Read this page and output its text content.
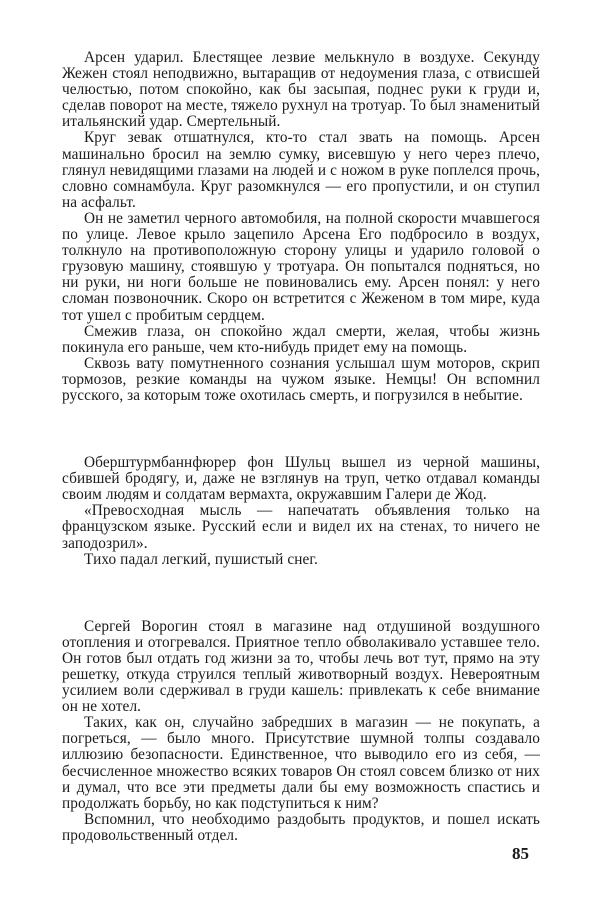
Арсен ударил. Блестящее лезвие мелькнуло в воздухе. Секунду Жежен стоял неподвижно, вытаращив от недоумения глаза, с отвисшей челюстью, потом спокойно, как бы засыпая, поднес руки к груди и, сделав поворот на месте, тяжело рухнул на тротуар. То был знаменитый итальянский удар. Смертельный.

Круг зевак отшатнулся, кто-то стал звать на помощь. Арсен машинально бросил на землю сумку, висевшую у него через плечо, глянул невидящими глазами на людей и с ножом в руке поплелся прочь, словно сомнамбула. Круг разомкнулся — его пропустили, и он ступил на асфальт.

Он не заметил черного автомобиля, на полной скорости мчавшегося по улице. Левое крыло зацепило Арсена Его подбросило в воздух, толкнуло на противоположную сторону улицы и ударило головой о грузовую машину, стоявшую у тротуара. Он попытался подняться, но ни руки, ни ноги больше не повиновались ему. Арсен понял: у него сломан позвоночник. Скоро он встретится с Жеженом в том мире, куда тот ушел с пробитым сердцем.

Смежив глаза, он спокойно ждал смерти, желая, чтобы жизнь покинула его раньше, чем кто-нибудь придет ему на помощь.

Сквозь вату помутненного сознания услышал шум моторов, скрип тормозов, резкие команды на чужом языке. Немцы! Он вспомнил русского, за которым тоже охотилась смерть, и погрузился в небытие.

Оберштурмбаннфюрер фон Шульц вышел из черной машины, сбившей бродягу, и, даже не взглянув на труп, четко отдавал команды своим людям и солдатам вермахта, окружавшим Галери де Жод.

«Превосходная мысль — напечатать объявления только на французском языке. Русский если и видел их на стенах, то ничего не заподозрил».

Тихо падал легкий, пушистый снег.

Сергей Ворогин стоял в магазине над отдушиной воздушного отопления и отогревался. Приятное тепло обволакивало уставшее тело. Он готов был отдать год жизни за то, чтобы лечь вот тут, прямо на эту решетку, откуда струился теплый животворный воздух. Невероятным усилием воли сдерживал в груди кашель: привлекать к себе внимание он не хотел.

Таких, как он, случайно забредших в магазин — не покупать, а погреться, — было много. Присутствие шумной толпы создавало иллюзию безопасности. Единственное, что выводило его из себя, — бесчисленное множество всяких товаров Он стоял совсем близко от них и думал, что все эти предметы дали бы ему возможность спастись и продолжать борьбу, но как подступиться к ним?

Вспомнил, что необходимо раздобыть продуктов, и пошел искать продовольственный отдел.

85
